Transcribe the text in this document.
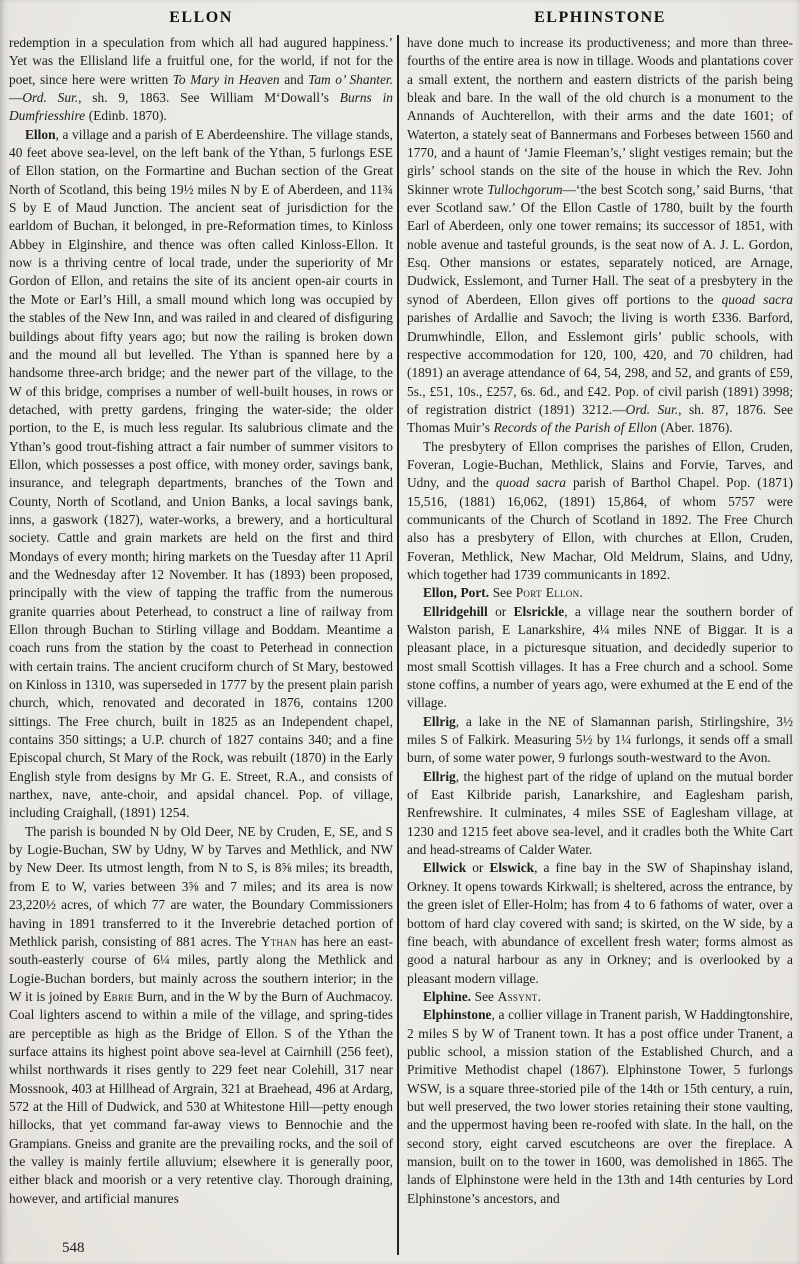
ELLON

redemption in a speculation from which all had augured happiness.’ Yet was the Ellisland life a fruitful one, for the world, if not for the poet, since here were written To Mary in Heaven and Tam o’ Shanter.—Ord. Sur., sh. 9, 1863. See William M‘Dowall’s Burns in Dumfriesshire (Edinb. 1870).

Ellon, a village and a parish of E Aberdeenshire. The village stands, 40 feet above sea-level, on the left bank of the Ythan, 5 furlongs ESE of Ellon station, on the Formartine and Buchan section of the Great North of Scotland, this being 19½ miles N by E of Aberdeen, and 11¾ S by E of Maud Junction. The ancient seat of jurisdiction for the earldom of Buchan, it belonged, in pre-Reformation times, to Kinloss Abbey in Elginshire, and thence was often called Kinloss-Ellon. It now is a thriving centre of local trade, under the superiority of Mr Gordon of Ellon, and retains the site of its ancient open-air courts in the Mote or Earl’s Hill, a small mound which long was occupied by the stables of the New Inn, and was railed in and cleared of disfiguring buildings about fifty years ago; but now the railing is broken down and the mound all but levelled. The Ythan is spanned here by a handsome three-arch bridge; and the newer part of the village, to the W of this bridge, comprises a number of well-built houses, in rows or detached, with pretty gardens, fringing the water-side; the older portion, to the E, is much less regular. Its salubrious climate and the Ythan’s good trout-fishing attract a fair number of summer visitors to Ellon, which possesses a post office, with money order, savings bank, insurance, and telegraph departments, branches of the Town and County, North of Scotland, and Union Banks, a local savings bank, inns, a gaswork (1827), water-works, a brewery, and a horticultural society. Cattle and grain markets are held on the first and third Mondays of every month; hiring markets on the Tuesday after 11 April and the Wednesday after 12 November. It has (1893) been proposed, principally with the view of tapping the traffic from the numerous granite quarries about Peterhead, to construct a line of railway from Ellon through Buchan to Stirling village and Boddam. Meantime a coach runs from the station by the coast to Peterhead in connection with certain trains. The ancient cruciform church of St Mary, bestowed on Kinloss in 1310, was superseded in 1777 by the present plain parish church, which, renovated and decorated in 1876, contains 1200 sittings. The Free church, built in 1825 as an Independent chapel, contains 350 sittings; a U.P. church of 1827 contains 340; and a fine Episcopal church, St Mary of the Rock, was rebuilt (1870) in the Early English style from designs by Mr G. E. Street, R.A., and consists of narthex, nave, ante-choir, and apsidal chancel. Pop. of village, including Craighall, (1891) 1254.

The parish is bounded N by Old Deer, NE by Cruden, E, SE, and S by Logie-Buchan, SW by Udny, W by Tarves and Methlick, and NW by New Deer. Its utmost length, from N to S, is 8⅝ miles; its breadth, from E to W, varies between 3⅝ and 7 miles; and its area is now 23,220½ acres, of which 77 are water, the Boundary Commissioners having in 1891 transferred to it the Inverebrie detached portion of Methlick parish, consisting of 881 acres. The Ythan has here an east-south-easterly course of 6¼ miles, partly along the Methlick and Logie-Buchan borders, but mainly across the southern interior; in the W it is joined by Ebrie Burn, and in the W by the Burn of Auchmacoy. Coal lighters ascend to within a mile of the village, and spring-tides are perceptible as high as the Bridge of Ellon. S of the Ythan the surface attains its highest point above sea-level at Cairnhill (256 feet), whilst northwards it rises gently to 229 feet near Colehill, 317 near Mossnook, 403 at Hillhead of Argrain, 321 at Braehead, 496 at Ardarg, 572 at the Hill of Dudwick, and 530 at Whitestone Hill—petty enough hillocks, that yet command far-away views to Bennochie and the Grampians. Gneiss and granite are the prevailing rocks, and the soil of the valley is mainly fertile alluvium; elsewhere it is generally poor, either black and moorish or a very retentive clay. Thorough draining, however, and artificial manures

ELPHINSTONE

have done much to increase its productiveness; and more than three-fourths of the entire area is now in tillage. Woods and plantations cover a small extent, the northern and eastern districts of the parish being bleak and bare. In the wall of the old church is a monument to the Annands of Auchterellon, with their arms and the date 1601; of Waterton, a stately seat of Bannermans and Forbeses between 1560 and 1770, and a haunt of ‘Jamie Fleeman’s,’ slight vestiges remain; but the girls’ school stands on the site of the house in which the Rev. John Skinner wrote Tullochgorum—‘the best Scotch song,’ said Burns, ‘that ever Scotland saw.’ Of the Ellon Castle of 1780, built by the fourth Earl of Aberdeen, only one tower remains; its successor of 1851, with noble avenue and tasteful grounds, is the seat now of A. J. L. Gordon, Esq. Other mansions or estates, separately noticed, are Arnage, Dudwick, Esslemont, and Turner Hall. The seat of a presbytery in the synod of Aberdeen, Ellon gives off portions to the quoad sacra parishes of Ardallie and Savoch; the living is worth £336. Barford, Drumwhindle, Ellon, and Esslemont girls’ public schools, with respective accommodation for 120, 100, 420, and 70 children, had (1891) an average attendance of 64, 54, 298, and 52, and grants of £59, 5s., £51, 10s., £257, 6s. 6d., and £42. Pop. of civil parish (1891) 3998; of registration district (1891) 3212.—Ord. Sur., sh. 87, 1876. See Thomas Muir’s Records of the Parish of Ellon (Aber. 1876).

The presbytery of Ellon comprises the parishes of Ellon, Cruden, Foveran, Logie-Buchan, Methlick, Slains and Forvie, Tarves, and Udny, and the quoad sacra parish of Barthol Chapel. Pop. (1871) 15,516, (1881) 16,062, (1891) 15,864, of whom 5757 were communicants of the Church of Scotland in 1892. The Free Church also has a presbytery of Ellon, with churches at Ellon, Cruden, Foveran, Methlick, New Machar, Old Meldrum, Slains, and Udny, which together had 1739 communicants in 1892.

Ellon, Port. See Port Ellon.

Ellridgehill or Elsrickle, a village near the southern border of Walston parish, E Lanarkshire, 4¼ miles NNE of Biggar. It is a pleasant place, in a picturesque situation, and decidedly superior to most small Scottish villages. It has a Free church and a school. Some stone coffins, a number of years ago, were exhumed at the E end of the village.

Ellrig, a lake in the NE of Slamannan parish, Stirlingshire, 3½ miles S of Falkirk. Measuring 5½ by 1¼ furlongs, it sends off a small burn, of some water power, 9 furlongs south-westward to the Avon.

Ellrig, the highest part of the ridge of upland on the mutual border of East Kilbride parish, Lanarkshire, and Eaglesham parish, Renfrewshire. It culminates, 4 miles SSE of Eaglesham village, at 1230 and 1215 feet above sea-level, and it cradles both the White Cart and head-streams of Calder Water.

Ellwick or Elswick, a fine bay in the SW of Shapinshay island, Orkney. It opens towards Kirkwall; is sheltered, across the entrance, by the green islet of Eller-Holm; has from 4 to 6 fathoms of water, over a bottom of hard clay covered with sand; is skirted, on the W side, by a fine beach, with abundance of excellent fresh water; forms almost as good a natural harbour as any in Orkney; and is overlooked by a pleasant modern village.

Elphine. See Assynt.

Elphinstone, a collier village in Tranent parish, W Haddingtonshire, 2 miles S by W of Tranent town. It has a post office under Tranent, a public school, a mission station of the Established Church, and a Primitive Methodist chapel (1867). Elphinstone Tower, 5 furlongs WSW, is a square three-storied pile of the 14th or 15th century, a ruin, but well preserved, the two lower stories retaining their stone vaulting, and the uppermost having been re-roofed with slate. In the hall, on the second story, eight carved escutcheons are over the fireplace. A mansion, built on to the tower in 1600, was demolished in 1865. The lands of Elphinstone were held in the 13th and 14th centuries by Lord Elphinstone’s ancestors, and

548
